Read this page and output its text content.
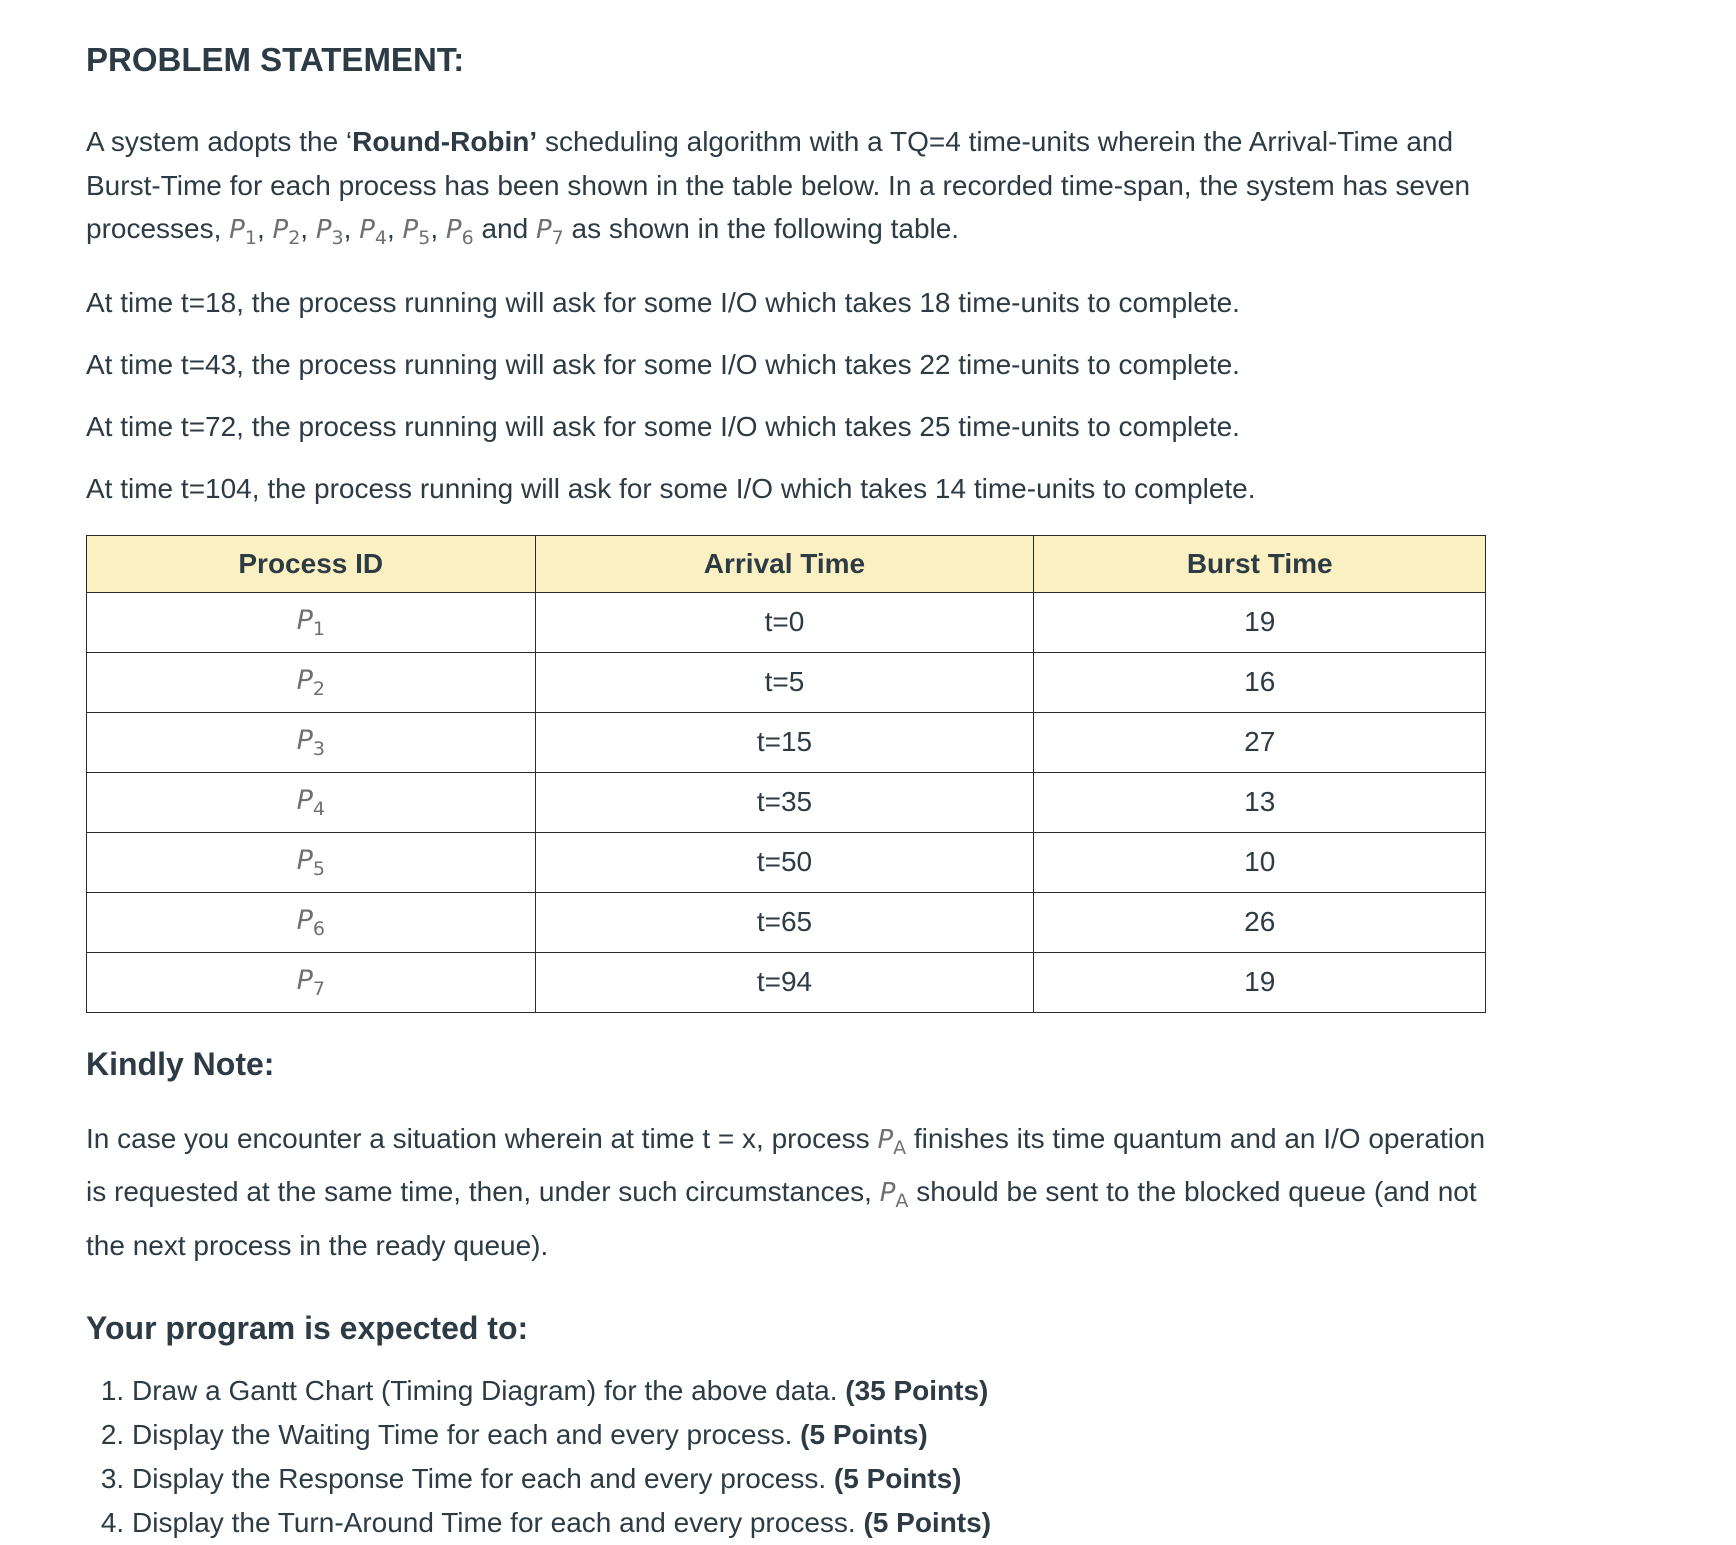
PROBLEM STATEMENT:

A system adopts the ‘Round-Robin’ scheduling algorithm with a TQ=4 time-units wherein the Arrival-Time and Burst-Time for each process has been shown in the table below. In a recorded time-span, the system has seven processes, $P_1$, $P_2$, $P_3$, $P_4$, $P_5$, $P_6$ and $P_7$ as shown in the following table.

At time t=18, the process running will ask for some I/O which takes 18 time-units to complete.

At time t=43, the process running will ask for some I/O which takes 22 time-units to complete.

At time t=72, the process running will ask for some I/O which takes 25 time-units to complete.

At time t=104, the process running will ask for some I/O which takes 14 time-units to complete.

Process ID	Arrival Time	Burst Time
$P_1$	t=0	19
$P_2$	t=5	16
$P_3$	t=15	27
$P_4$	t=35	13
$P_5$	t=50	10
$P_6$	t=65	26
$P_7$	t=94	19
Kindly Note:

In case you encounter a situation wherein at time t = x, process $P_A$ finishes its time quantum and an I/O operation is requested at the same time, then, under such circumstances, $P_A$ should be sent to the blocked queue (and not the next process in the ready queue).

Your program is expected to:
1. Draw a Gantt Chart (Timing Diagram) for the above data. (35 Points)
2. Display the Waiting Time for each and every process. (5 Points)
3. Display the Response Time for each and every process. (5 Points)
4. Display the Turn-Around Time for each and every process. (5 Points)
